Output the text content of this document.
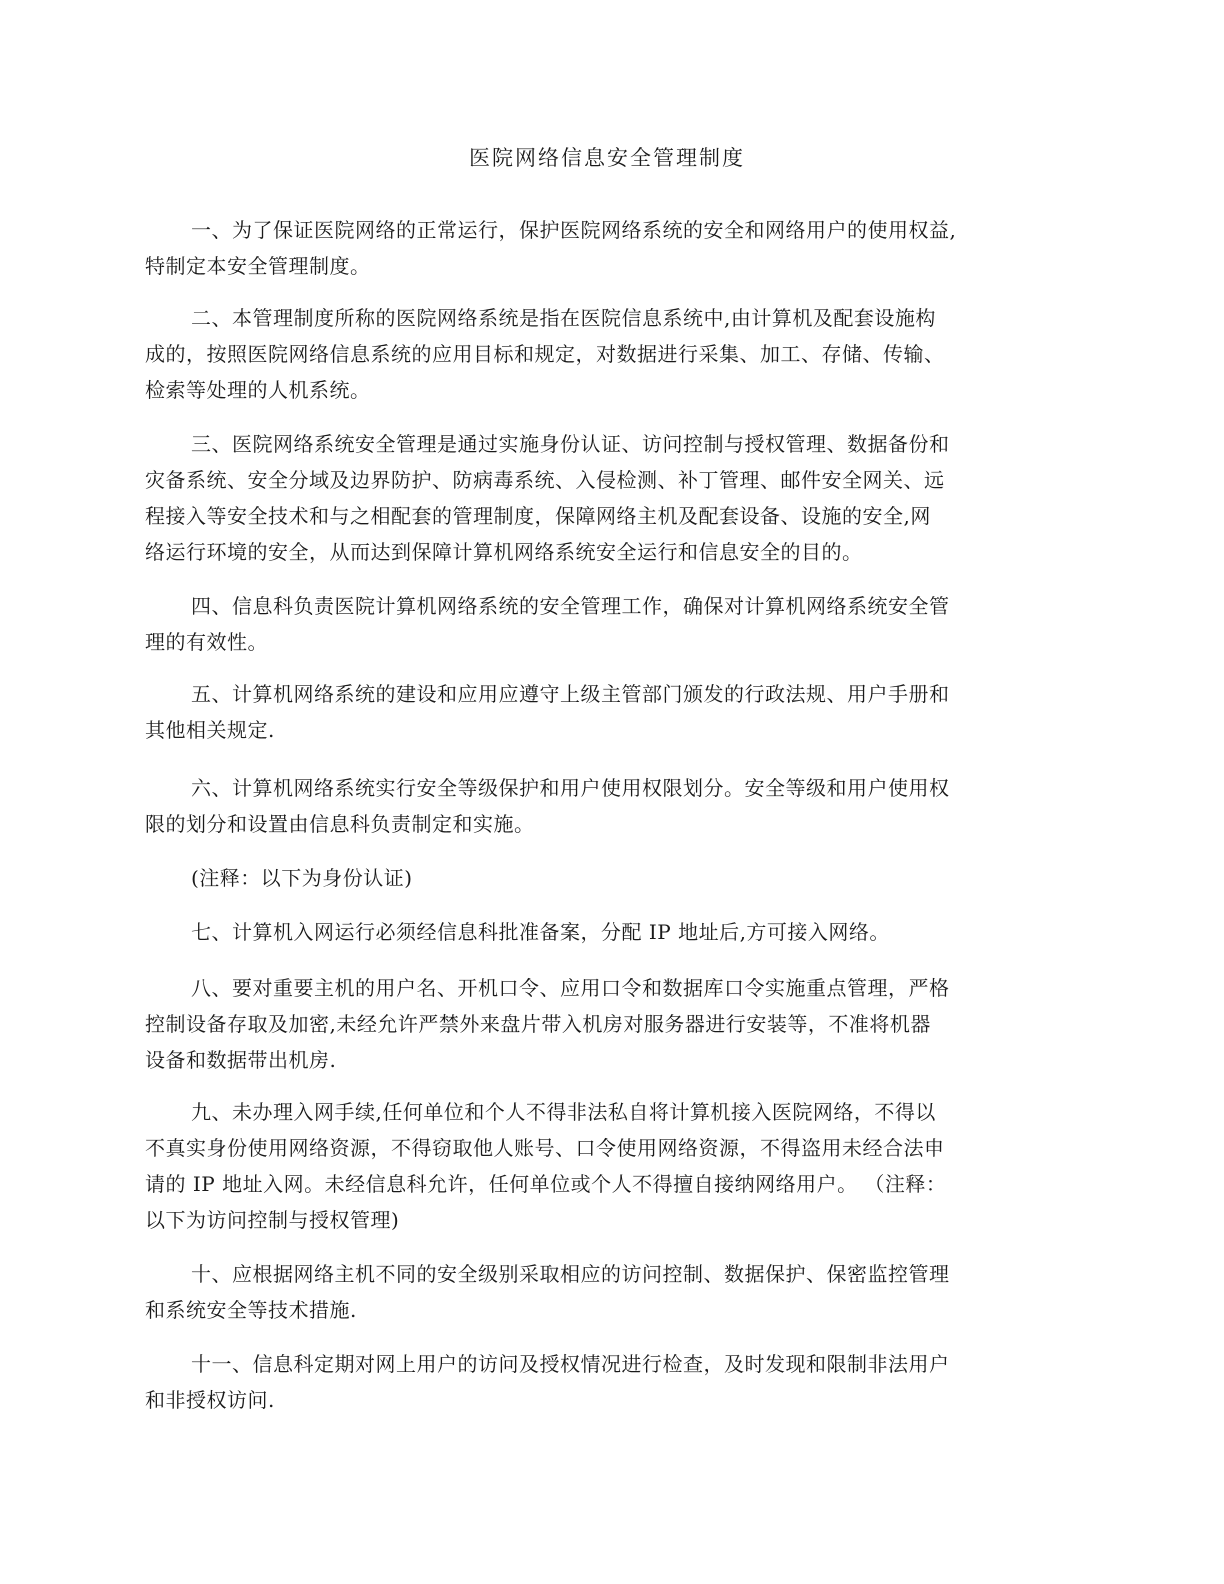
医院网络信息安全管理制度

一、为了保证医院网络的正常运行，保护医院网络系统的安全和网络用户的使用权益,
特制定本安全管理制度。

二、本管理制度所称的医院网络系统是指在医院信息系统中,由计算机及配套设施构
成的，按照医院网络信息系统的应用目标和规定，对数据进行采集、加工、存储、传输、
检索等处理的人机系统。

三、医院网络系统安全管理是通过实施身份认证、访问控制与授权管理、数据备份和
灾备系统、安全分域及边界防护、防病毒系统、入侵检测、补丁管理、邮件安全网关、远
程接入等安全技术和与之相配套的管理制度，保障网络主机及配套设备、设施的安全,网
络运行环境的安全，从而达到保障计算机网络系统安全运行和信息安全的目的。

四、信息科负责医院计算机网络系统的安全管理工作，确保对计算机网络系统安全管
理的有效性。

五、计算机网络系统的建设和应用应遵守上级主管部门颁发的行政法规、用户手册和
其他相关规定.

六、计算机网络系统实行安全等级保护和用户使用权限划分。安全等级和用户使用权
限的划分和设置由信息科负责制定和实施。

(注释：以下为身份认证)

七、计算机入网运行必须经信息科批准备案，分配 IP 地址后,方可接入网络。

八、要对重要主机的用户名、开机口令、应用口令和数据库口令实施重点管理，严格
控制设备存取及加密,未经允许严禁外来盘片带入机房对服务器进行安装等，不准将机器
设备和数据带出机房.

九、未办理入网手续,任何单位和个人不得非法私自将计算机接入医院网络，不得以
不真实身份使用网络资源，不得窃取他人账号、口令使用网络资源，不得盗用未经合法申
请的 IP 地址入网。未经信息科允许，任何单位或个人不得擅自接纳网络用户。 （注释：
以下为访问控制与授权管理)

十、应根据网络主机不同的安全级别采取相应的访问控制、数据保护、保密监控管理
和系统安全等技术措施.

十一、信息科定期对网上用户的访问及授权情况进行检查，及时发现和限制非法用户
和非授权访问.
